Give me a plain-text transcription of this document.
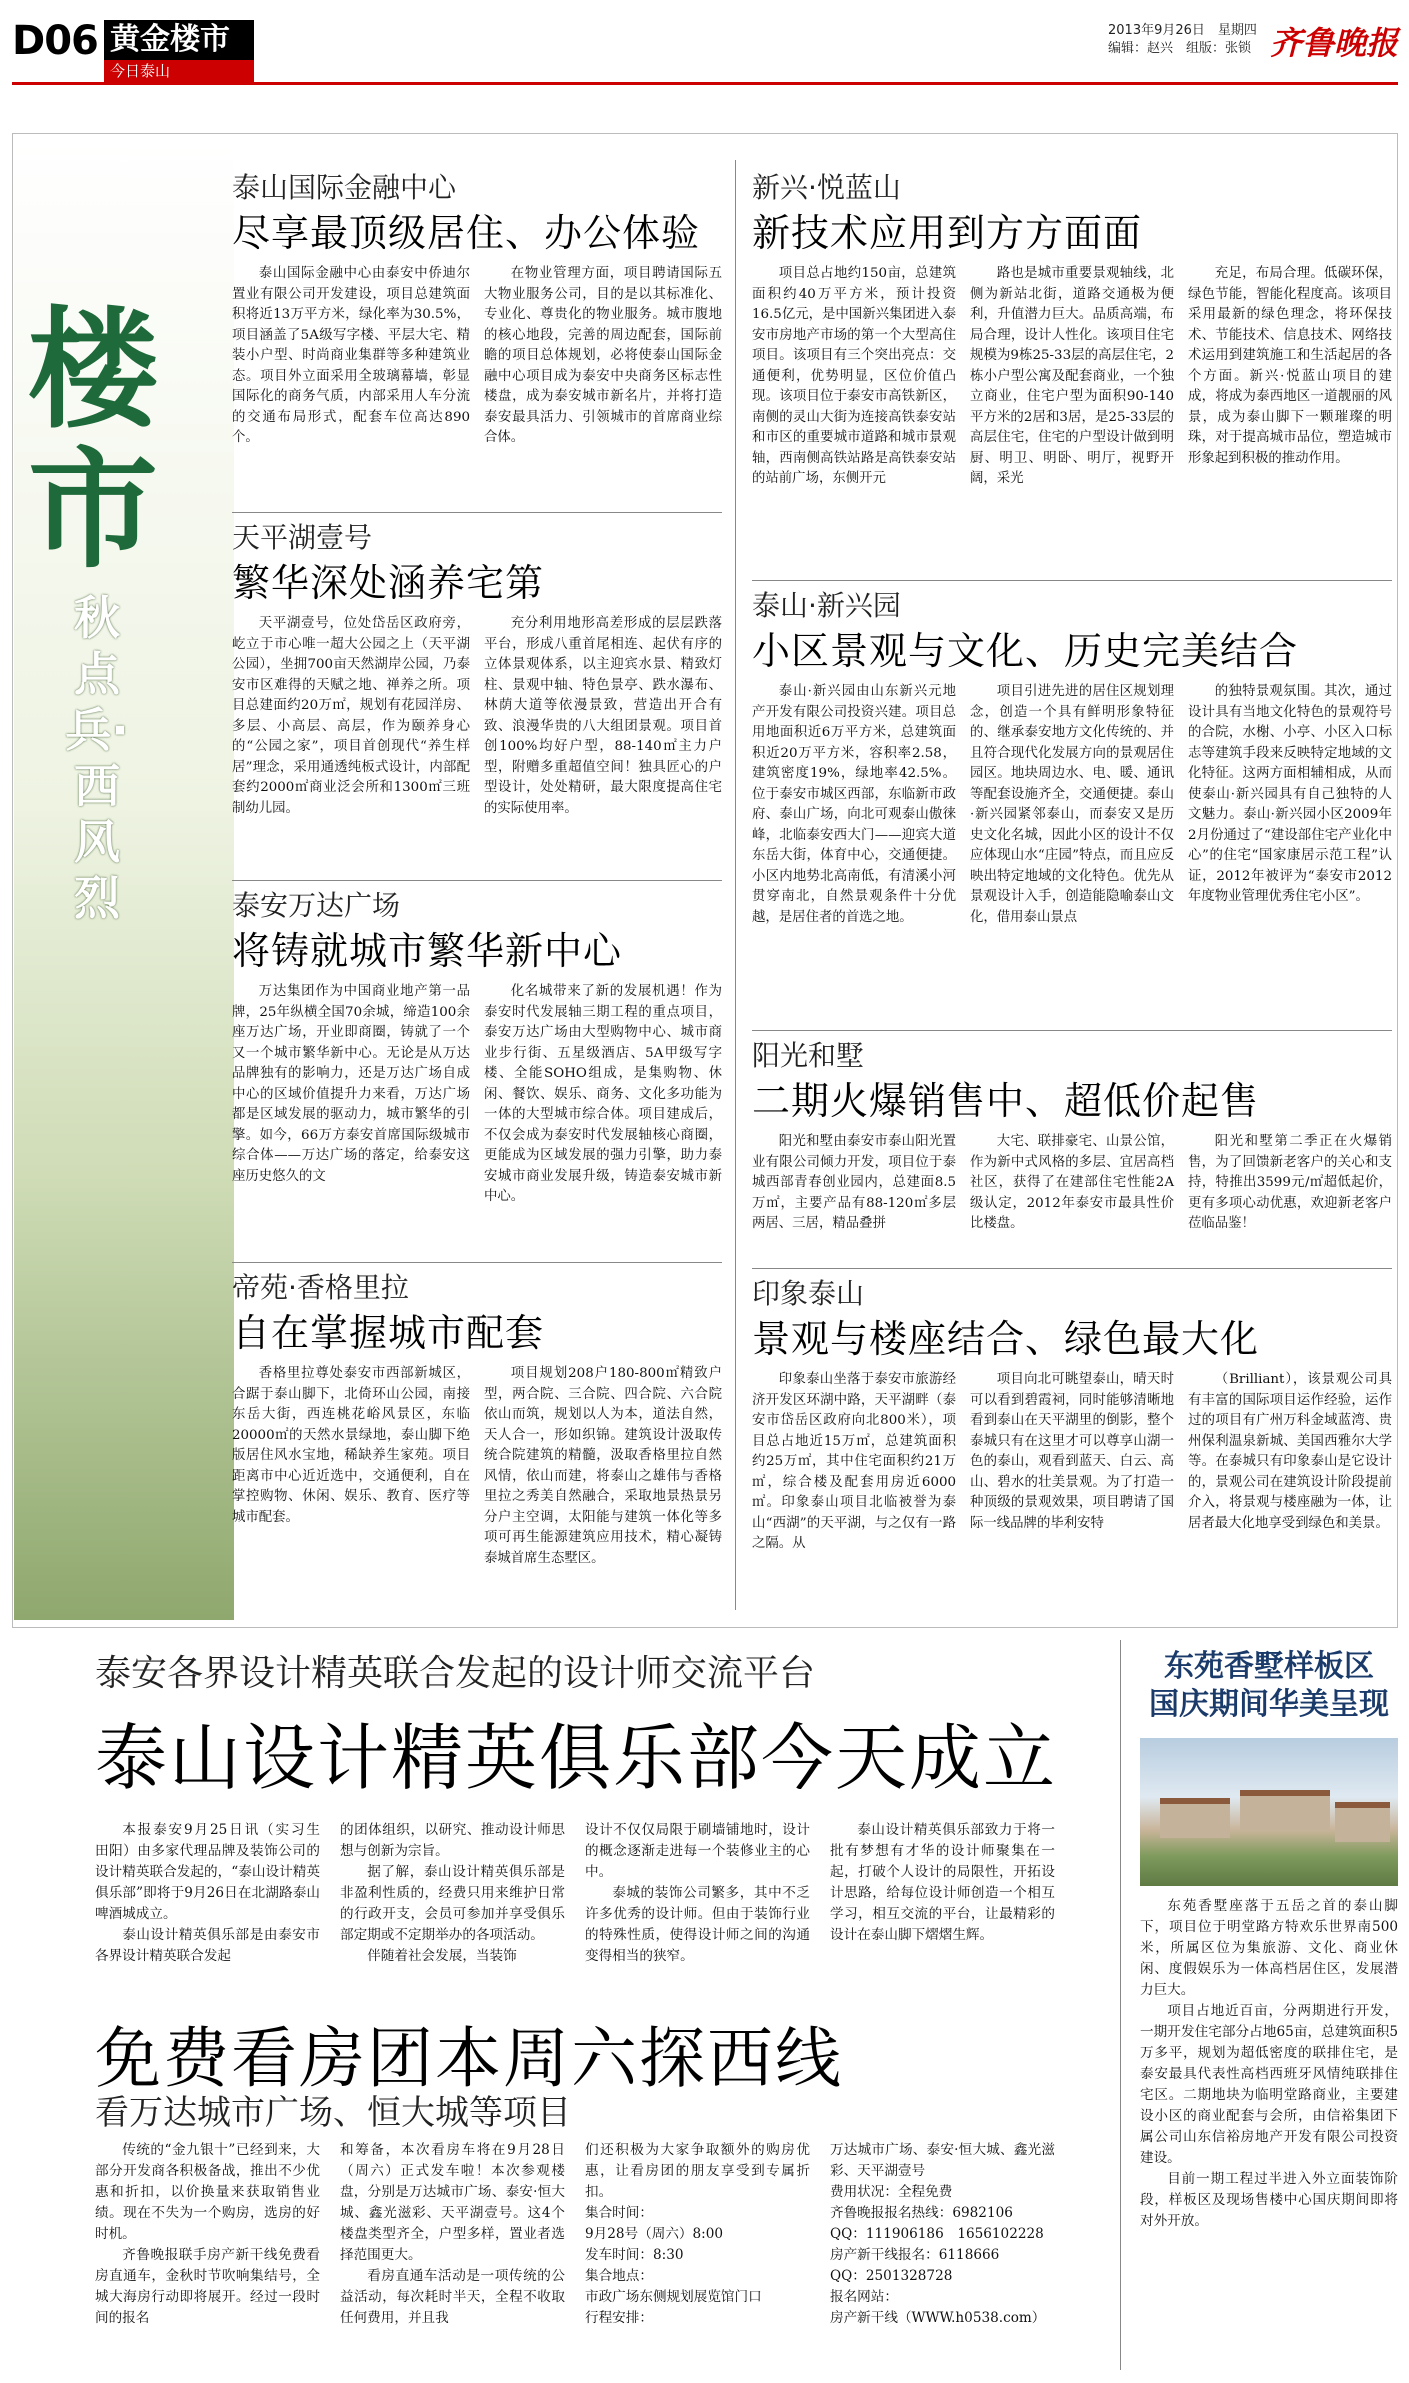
D06 黄金楼市
今日泰山
2013年9月26日　星期四
编辑：赵兴　组版：张锁 齐鲁晚报
楼市
秋点兵·西风烈
泰山国际金融中心
尽享最顶级居住、办公体验

泰山国际金融中心由泰安中侨迪尔置业有限公司开发建设，项目总建筑面积将近13万平方米，绿化率为30.5%，项目涵盖了5A级写字楼、平层大宅、精装小户型、时尚商业集群等多种建筑业态。项目外立面采用全玻璃幕墙，彰显国际化的商务气质，内部采用人车分流的交通布局形式，配套车位高达890个。

在物业管理方面，项目聘请国际五大物业服务公司，目的是以其标准化、专业化、尊贵化的物业服务。城市腹地的核心地段，完善的周边配套，国际前瞻的项目总体规划，必将使泰山国际金融中心项目成为泰安中央商务区标志性楼盘，成为泰安城市新名片，并将打造泰安最具活力、引领城市的首席商业综合体。

天平湖壹号
繁华深处涵养宅第

天平湖壹号，位处岱岳区政府旁，屹立于市心唯一超大公园之上（天平湖公园），坐拥700亩天然湖岸公园，乃泰安市区难得的天赋之地、禅养之所。项目总建面约20万㎡，规划有花园洋房、多层、小高层、高层，作为颐养身心的“公园之家”，项目首创现代“养生样居”理念，采用通透纯板式设计，内部配套约2000㎡商业泛会所和1300㎡三班制幼儿园。

充分利用地形高差形成的层层跌落平台，形成八重首尾相连、起伏有序的立体景观体系，以主迎宾水景、精致灯柱、景观中轴、特色景亭、跌水瀑布、林荫大道等依漫景致，营造出开合有致、浪漫华贵的八大组团景观。项目首创100%均好户型，88-140㎡主力户型，附赠多重超值空间！独具匠心的户型设计，处处精研，最大限度提高住宅的实际使用率。

泰安万达广场
将铸就城市繁华新中心

万达集团作为中国商业地产第一品牌，25年纵横全国70余城，缔造100余座万达广场，开业即商圈，铸就了一个又一个城市繁华新中心。无论是从万达品牌独有的影响力，还是万达广场自成中心的区域价值提升力来看，万达广场都是区域发展的驱动力，城市繁华的引擎。如今，66万方泰安首席国际级城市综合体——万达广场的落定，给泰安这座历史悠久的文

化名城带来了新的发展机遇！作为泰安时代发展轴三期工程的重点项目，泰安万达广场由大型购物中心、城市商业步行街、五星级酒店、5A甲级写字楼、全能SOHO组成，是集购物、休闲、餐饮、娱乐、商务、文化多功能为一体的大型城市综合体。项目建成后，不仅会成为泰安时代发展轴核心商圈，更能成为区域发展的强力引擎，助力泰安城市商业发展升级，铸造泰安城市新中心。

帝苑·香格里拉
自在掌握城市配套

香格里拉尊处泰安市西部新城区，合踞于泰山脚下，北倚环山公园，南接东岳大街，西连桃花峪风景区，东临20000㎡的天然水景绿地，泰山脚下绝版居住风水宝地，稀缺养生家苑。项目距离市中心近近选中，交通便利，自在掌控购物、休闲、娱乐、教育、医疗等城市配套。

项目规划208户180-800㎡精致户型，两合院、三合院、四合院、六合院依山而筑，规划以人为本，道法自然，天人合一，形如织锦。建筑设计汲取传统合院建筑的精髓，汲取香格里拉自然风情，依山而建，将泰山之雄伟与香格里拉之秀美自然融合，采取地景热景另分户主空调，太阳能与建筑一体化等多项可再生能源建筑应用技术，精心凝铸泰城首席生态墅区。

新兴·悦蓝山
新技术应用到方方面面

项目总占地约150亩，总建筑面积约40万平方米，预计投资16.5亿元，是中国新兴集团进入泰安市房地产市场的第一个大型高住项目。该项目有三个突出亮点：交通便利，优势明显，区位价值凸现。该项目位于泰安市高铁新区，南侧的灵山大街为连接高铁泰安站和市区的重要城市道路和城市景观轴，西南侧高铁站路是高铁泰安站的站前广场，东侧开元

路也是城市重要景观轴线，北侧为新站北街，道路交通极为便利，升值潜力巨大。品质高端，布局合理，设计人性化。该项目住宅规模为9栋25-33层的高层住宅，2栋小户型公寓及配套商业，一个独立商业，住宅户型为面积90-140平方米的2居和3居，是25-33层的高层住宅，住宅的户型设计做到明厨、明卫、明卧、明厅，视野开阔，采光

充足，布局合理。低碳环保，绿色节能，智能化程度高。该项目采用最新的绿色理念，将环保技术、节能技术、信息技术、网络技术运用到建筑施工和生活起居的各个方面。新兴·悦蓝山项目的建成，将成为泰西地区一道靓丽的风景，成为泰山脚下一颗璀璨的明珠，对于提高城市品位，塑造城市形象起到积极的推动作用。

泰山·新兴园
小区景观与文化、历史完美结合

泰山·新兴园由山东新兴元地产开发有限公司投资兴建。项目总用地面积近6万平方米，总建筑面积近20万平方米，容积率2.58，建筑密度19%，绿地率42.5%。位于泰安市城区西部，东临新市政府、泰山广场，向北可观泰山傲徕峰，北临泰安西大门——迎宾大道东岳大街，体育中心，交通便捷。小区内地势北高南低，有清溪小河贯穿南北，自然景观条件十分优越，是居住者的首选之地。

项目引进先进的居住区规划理念，创造一个具有鲜明形象特征的、继承泰安地方文化传统的、并且符合现代化发展方向的景观居住园区。地块周边水、电、暖、通讯等配套设施齐全，交通便捷。泰山·新兴园紧邻泰山，而泰安又是历史文化名城，因此小区的设计不仅应体现山水“庄园”特点，而且应反映出特定地域的文化特色。优先从景观设计入手，创造能隐喻泰山文化，借用泰山景点

的独特景观氛围。其次，通过设计具有当地文化特色的景观符号的合院，水榭、小亭、小区入口标志等建筑手段来反映特定地域的文化特征。这两方面相辅相成，从而使泰山·新兴园具有自己独特的人文魅力。泰山·新兴园小区2009年2月份通过了“建设部住宅产业化中心”的住宅“国家康居示范工程”认证，2012年被评为“泰安市2012年度物业管理优秀住宅小区”。

阳光和墅
二期火爆销售中、超低价起售

阳光和墅由泰安市泰山阳光置业有限公司倾力开发，项目位于泰城西部青春创业园内，总建面8.5万㎡，主要产品有88-120㎡多层两居、三居，精品叠拼

大宅、联排豪宅、山景公馆，作为新中式风格的多层、宜居高档社区，获得了在建部住宅性能2A级认定，2012年泰安市最具性价比楼盘。

阳光和墅第二季正在火爆销售，为了回馈新老客户的关心和支持，特推出3599元/㎡超低起价，更有多项心动优惠，欢迎新老客户莅临品鉴！

印象泰山
景观与楼座结合、绿色最大化

印象泰山坐落于泰安市旅游经济开发区环湖中路，天平湖畔（泰安市岱岳区政府向北800米），项目总占地近15万㎡，总建筑面积约25万㎡，其中住宅面积约21万㎡，综合楼及配套用房近6000㎡。印象泰山项目北临被誉为泰山“西湖”的天平湖，与之仅有一路之隔。从

项目向北可眺望泰山，晴天时可以看到碧霞祠，同时能够清晰地看到泰山在天平湖里的倒影，整个泰城只有在这里才可以尊享山湖一色的泰山，观看到蓝天、白云、高山、碧水的壮美景观。为了打造一种顶级的景观效果，项目聘请了国际一线品牌的毕利安特

（Brilliant），该景观公司具有丰富的国际项目运作经验，运作过的项目有广州万科金域蓝湾、贵州保利温泉新城、美国西雅尔大学等。在泰城只有印象泰山是它设计的，景观公司在建筑设计阶段提前介入，将景观与楼座融为一体，让居者最大化地享受到绿色和美景。

泰安各界设计精英联合发起的设计师交流平台
泰山设计精英俱乐部今天成立

本报泰安9月25日讯（实习生　田阳）由多家代理品牌及装饰公司的设计精英联合发起的，“泰山设计精英俱乐部”即将于9月26日在北湖路泰山啤酒城成立。

泰山设计精英俱乐部是由泰安市各界设计精英联合发起

的团体组织，以研究、推动设计师思想与创新为宗旨。

据了解，泰山设计精英俱乐部是非盈利性质的，经费只用来维护日常的行政开支，会员可参加并享受俱乐部定期或不定期举办的各项活动。

伴随着社会发展，当装饰

设计不仅仅局限于刷墙铺地时，设计的概念逐渐走进每一个装修业主的心中。

泰城的装饰公司繁多，其中不乏许多优秀的设计师。但由于装饰行业的特殊性质，使得设计师之间的沟通变得相当的狭窄。

泰山设计精英俱乐部致力于将一批有梦想有才华的设计师聚集在一起，打破个人设计的局限性，开拓设计思路，给每位设计师创造一个相互学习，相互交流的平台，让最精彩的设计在泰山脚下熠熠生辉。

免费看房团本周六探西线
看万达城市广场、恒大城等项目

传统的“金九银十”已经到来，大部分开发商各积极备战，推出不少优惠和折扣，以价换量来获取销售业绩。现在不失为一个购房，选房的好时机。

齐鲁晚报联手房产新干线免费看房直通车，金秋时节吹响集结号，全城大海房行动即将展开。经过一段时间的报名

和筹备，本次看房车将在9月28日（周六）正式发车啦！本次参观楼盘，分别是万达城市广场、泰安·恒大城、鑫光滋彩、天平湖壹号。这4个楼盘类型齐全，户型多样，置业者选择范围更大。

看房直通车活动是一项传统的公益活动，每次耗时半天，全程不收取任何费用，并且我

们还积极为大家争取额外的购房优惠，让看房团的朋友享受到专属折扣。

集合时间：

9月28号（周六）8:00

发车时间：8:30

集合地点：

市政广场东侧规划展览馆门口

行程安排：

万达城市广场、泰安·恒大城、鑫光滋彩、天平湖壹号

费用状况：全程免费

齐鲁晚报报名热线：6982106

QQ：1119061​86　1656102228

房产新干线报名：6118666

QQ：2501328728

报名网站：

房产新干线（WWW.h0538.com）

东苑香墅样板区
国庆期间华美呈现

东苑香墅座落于五岳之首的泰山脚下，项目位于明堂路方特欢乐世界南500米，所属区位为集旅游、文化、商业休闲、度假娱乐为一体高档居住区，发展潜力巨大。

项目占地近百亩，分两期进行开发，一期开发住宅部分占地65亩，总建筑面积5万多平，规划为超低密度的联排住宅，是泰安最具代表性高档西班牙风情纯联排住宅区。二期地块为临明堂路商业，主要建设小区的商业配套与会所，由信裕集团下属公司山东信裕房地产开发有限公司投资建设。

目前一期工程过半进入外立面装饰阶段，样板区及现场售楼中心国庆期间即将对外开放。
